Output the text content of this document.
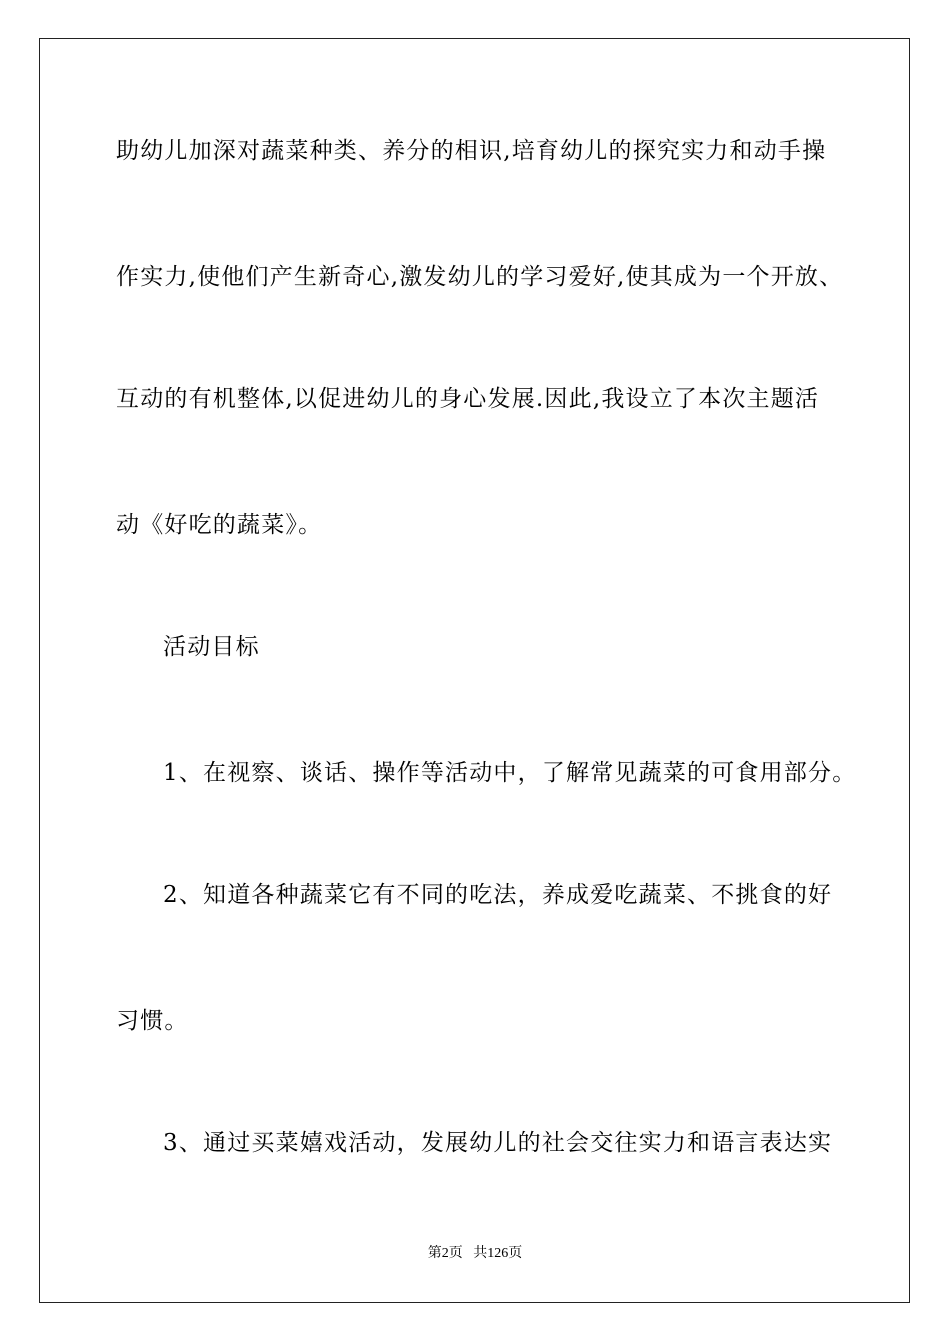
助幼儿加深对蔬菜种类、养分的相识,培育幼儿的探究实力和动手操
作实力,使他们产生新奇心,激发幼儿的学习爱好,使其成为一个开放、
互动的有机整体,以促进幼儿的身心发展.因此,我设立了本次主题活
动《好吃的蔬菜》。
活动目标
1、在视察、谈话、操作等活动中，了解常见蔬菜的可食用部分。
2、知道各种蔬菜它有不同的吃法，养成爱吃蔬菜、不挑食的好
习惯。
3、通过买菜嬉戏活动，发展幼儿的社会交往实力和语言表达实
第2页   共126页
